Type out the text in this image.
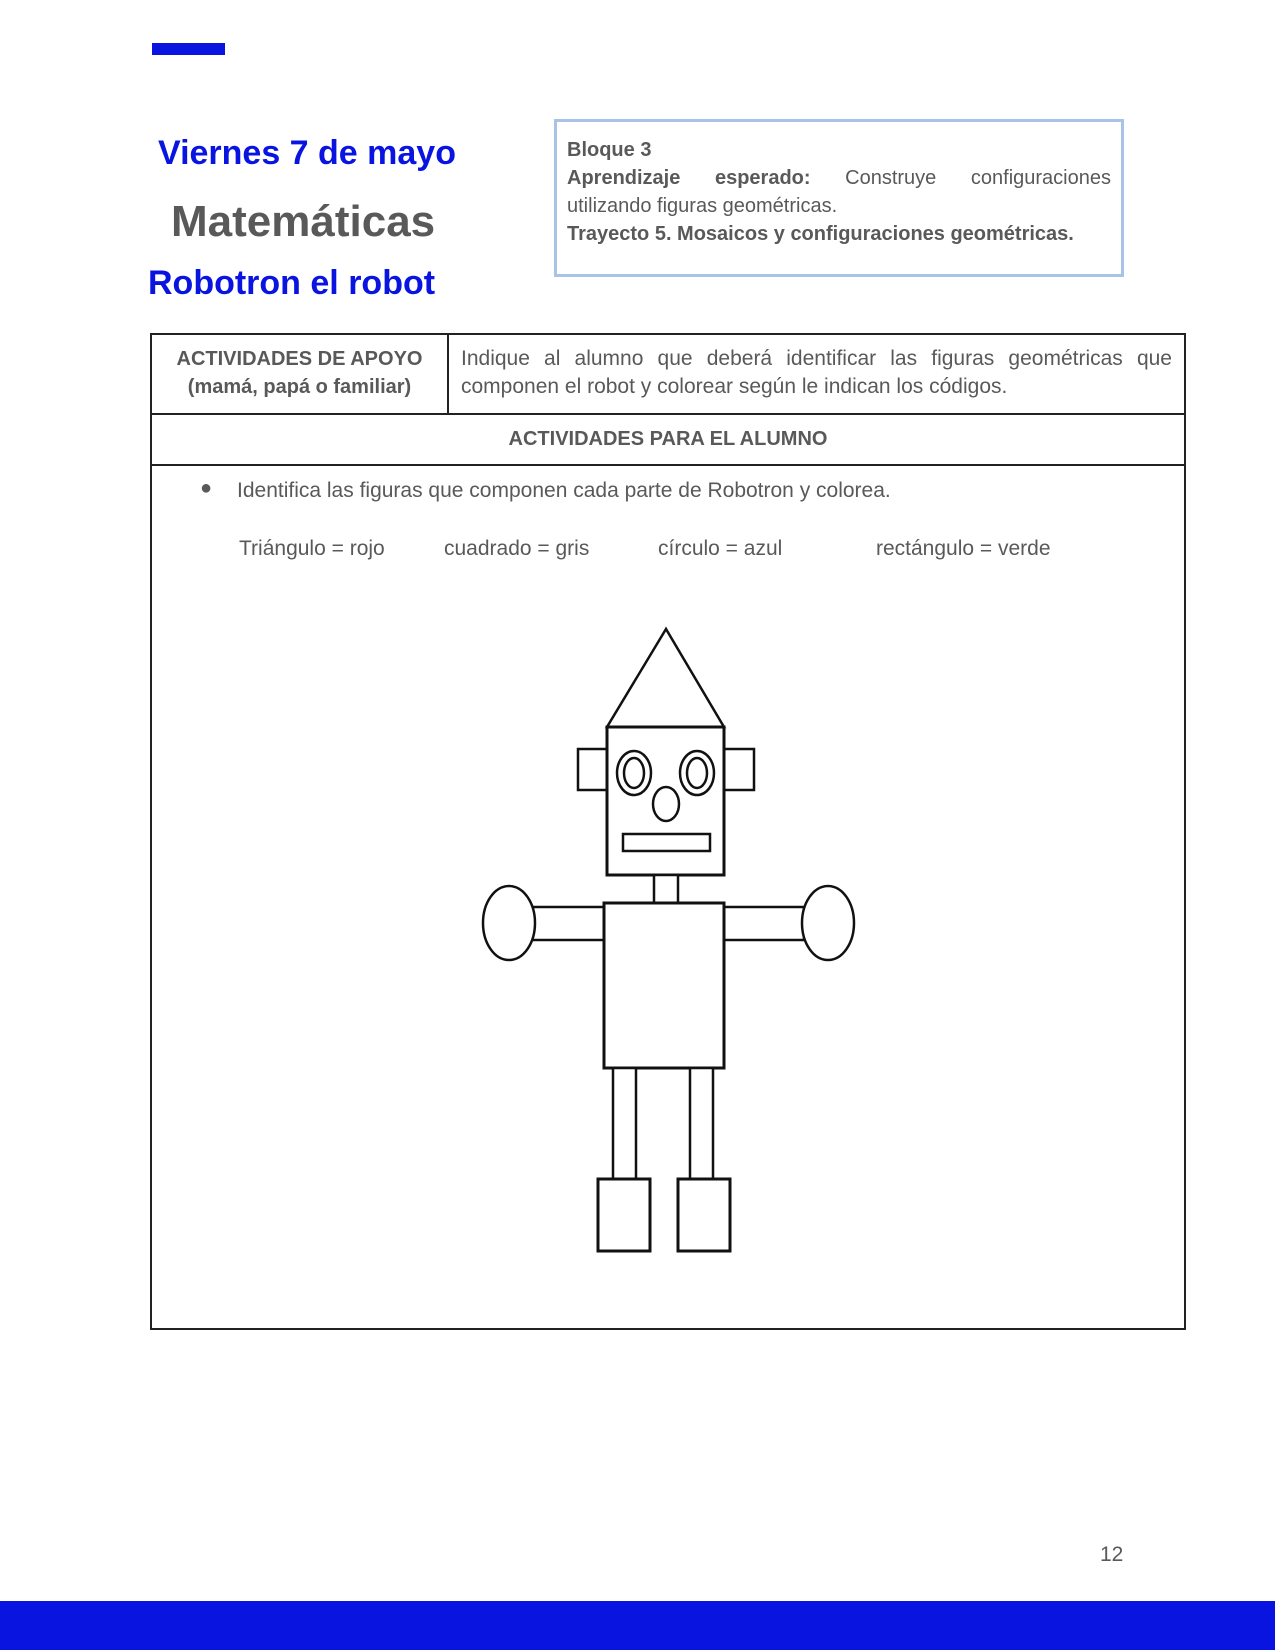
Viernes 7 de mayo
Matemáticas
Robotron el robot

Bloque 3

Aprendizaje esperado: Construye configuraciones utilizando figuras geométricas.

Trayecto 5. Mosaicos y configuraciones geométricas.

ACTIVIDADES DE APOYO
(mamá, papá o familiar)
Indique al alumno que deberá identificar las figuras geométricas que componen el robot y colorear según le indican los códigos.
ACTIVIDADES PARA EL ALUMNO
● Identifica las figuras que componen cada parte de Robotron y colorea.
Triángulo = rojo	cuadrado = gris	círculo = azul	rectángulo = verde
12
